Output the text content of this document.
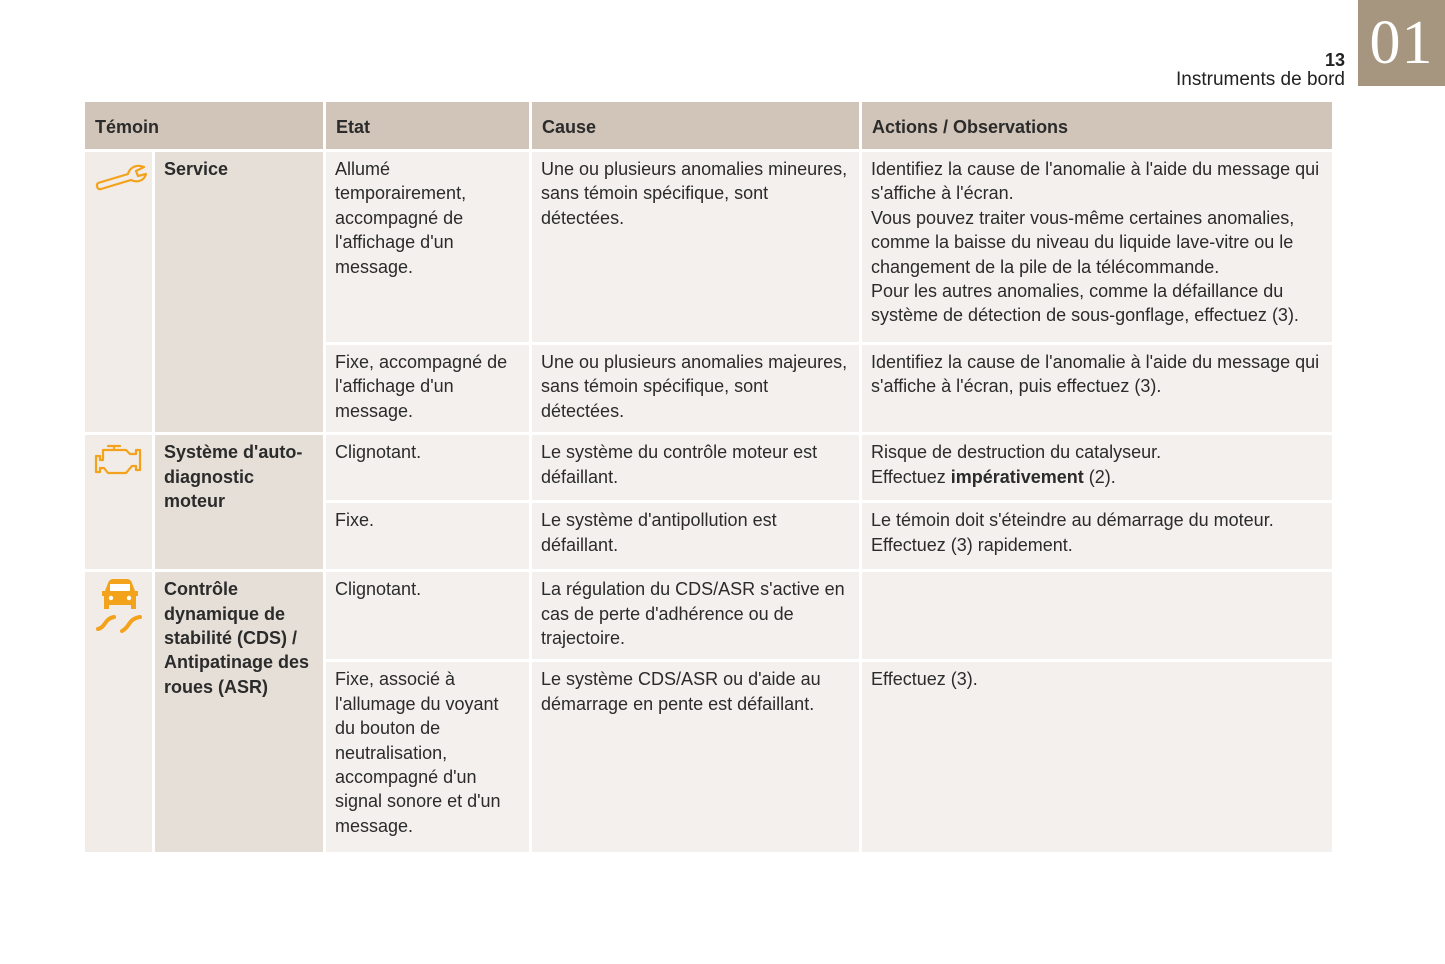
01
13
Instruments de bord
Témoin		Etat	Cause	Actions / Observations

	Service	Allumé temporairement, accompagné de l'affichage d'un message.	Une ou plusieurs anomalies mineures, sans témoin spécifique, sont détectées.	Identifiez la cause de l'anomalie à l'aide du message qui s'affiche à l'écran.
Vous pouvez traiter vous-même certaines anomalies, comme la baisse du niveau du liquide lave-vitre ou le changement de la pile de la télécommande.
Pour les autres anomalies, comme la défaillance du système de détection de sous-gonflage, effectuez (3).

		Fixe, accompagné de l'affichage d'un message.	Une ou plusieurs anomalies majeures, sans témoin spécifique, sont détectées.	Identifiez la cause de l'anomalie à l'aide du message qui s'affiche à l'écran, puis effectuez (3).

	Système d'auto-diagnostic moteur	Clignotant.	Le système du contrôle moteur est défaillant.	Risque de destruction du catalyseur.
Effectuez impérativement (2).

		Fixe.	Le système d'antipollution est défaillant.	Le témoin doit s'éteindre au démarrage du moteur.
Effectuez (3) rapidement.

	Contrôle dynamique de stabilité (CDS) / Antipatinage des roues (ASR)	Clignotant.	La régulation du CDS/ASR s'active en cas de perte d'adhérence ou de trajectoire.	
		Fixe, associé à l'allumage du voyant du bouton de neutralisation, accompagné d'un signal sonore et d'un message.	Le système CDS/ASR ou d'aide au démarrage en pente est défaillant.	Effectuez (3).
